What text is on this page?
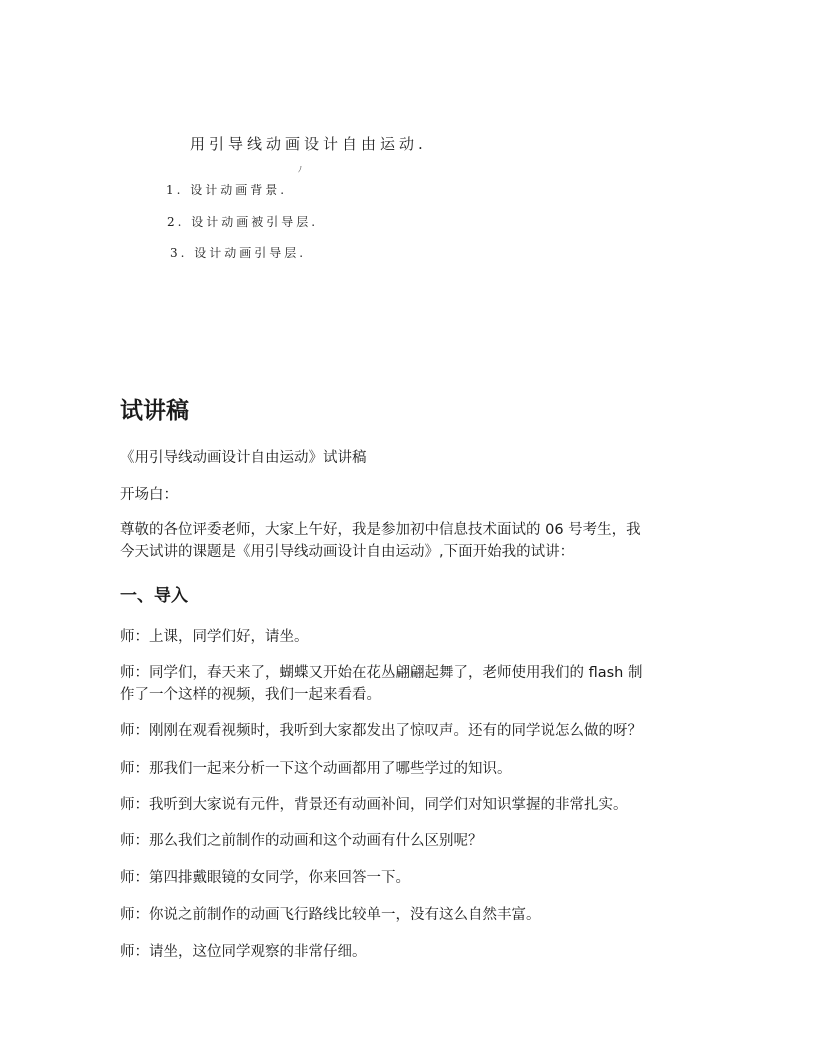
用引导线动画设计自由运动.
ﾉ
1. 设计动画背景.
2. 设计动画被引导层.
3. 设计动画引导层.
试讲稿
《用引导线动画设计自由运动》试讲稿
开场白：
尊敬的各位评委老师，大家上午好，我是参加初中信息技术面试的 06 号考生，我
今天试讲的课题是《用引导线动画设计自由运动》,下面开始我的试讲：
一、导入
师：上课，同学们好，请坐。
师：同学们，春天来了，蝴蝶又开始在花丛翩翩起舞了，老师使用我们的 flash 制
作了一个这样的视频，我们一起来看看。
师：刚刚在观看视频时，我听到大家都发出了惊叹声。还有的同学说怎么做的呀？
师：那我们一起来分析一下这个动画都用了哪些学过的知识。
师：我听到大家说有元件，背景还有动画补间，同学们对知识掌握的非常扎实。
师：那么我们之前制作的动画和这个动画有什么区别呢？
师：第四排戴眼镜的女同学，你来回答一下。
师：你说之前制作的动画飞行路线比较单一，没有这么自然丰富。
师：请坐，这位同学观察的非常仔细。
